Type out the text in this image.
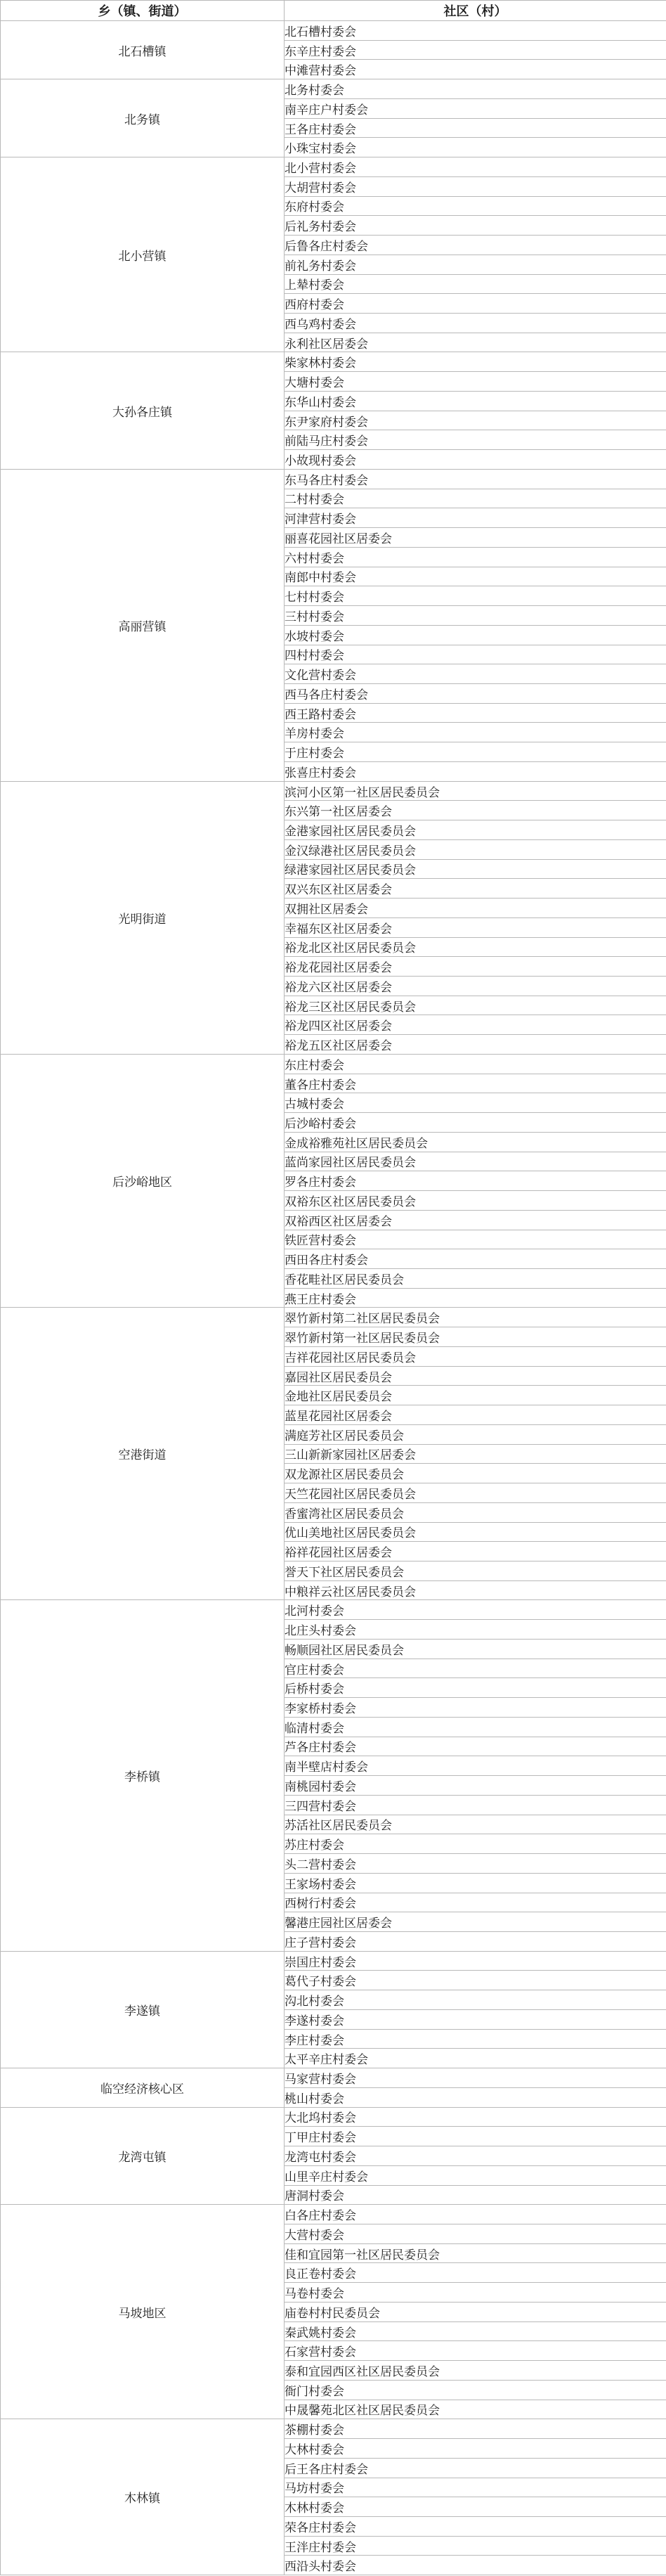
乡（镇、街道）	社区（村）
北石槽镇	北石槽村委会
	东辛庄村委会
	中滩营村委会
北务镇	北务村委会
	南辛庄户村委会
	王各庄村委会
	小珠宝村委会
北小营镇	北小营村委会
	大胡营村委会
	东府村委会
	后礼务村委会
	后鲁各庄村委会
	前礼务村委会
	上辇村委会
	西府村委会
	西乌鸡村委会
	永利社区居委会
大孙各庄镇	柴家林村委会
	大塘村委会
	东华山村委会
	东尹家府村委会
	前陆马庄村委会
	小故现村委会
高丽营镇	东马各庄村委会
	二村村委会
	河津营村委会
	丽喜花园社区居委会
	六村村委会
	南郎中村委会
	七村村委会
	三村村委会
	水坡村委会
	四村村委会
	文化营村委会
	西马各庄村委会
	西王路村委会
	羊房村委会
	于庄村委会
	张喜庄村委会
光明街道	滨河小区第一社区居民委员会
	东兴第一社区居委会
	金港家园社区居民委员会
	金汉绿港社区居民委员会
	绿港家园社区居民委员会
	双兴东区社区居委会
	双拥社区居委会
	幸福东区社区居委会
	裕龙北区社区居民委员会
	裕龙花园社区居委会
	裕龙六区社区居委会
	裕龙三区社区居民委员会
	裕龙四区社区居委会
	裕龙五区社区居委会
后沙峪地区	东庄村委会
	董各庄村委会
	古城村委会
	后沙峪村委会
	金成裕雅苑社区居民委员会
	蓝尚家园社区居民委员会
	罗各庄村委会
	双裕东区社区居民委员会
	双裕西区社区居委会
	铁匠营村委会
	西田各庄村委会
	香花畦社区居民委员会
	燕王庄村委会
空港街道	翠竹新村第二社区居民委员会
	翠竹新村第一社区居民委员会
	吉祥花园社区居民委员会
	嘉园社区居民委员会
	金地社区居民委员会
	蓝星花园社区居委会
	满庭芳社区居民委员会
	三山新新家园社区居委会
	双龙源社区居民委员会
	天竺花园社区居民委员会
	香蜜湾社区居民委员会
	优山美地社区居民委员会
	裕祥花园社区居委会
	誉天下社区居民委员会
	中粮祥云社区居民委员会
李桥镇	北河村委会
	北庄头村委会
	畅顺园社区居民委员会
	官庄村委会
	后桥村委会
	李家桥村委会
	临清村委会
	芦各庄村委会
	南半壁店村委会
	南桃园村委会
	三四营村委会
	苏活社区居民委员会
	苏庄村委会
	头二营村委会
	王家场村委会
	西树行村委会
	馨港庄园社区居委会
	庄子营村委会
李遂镇	崇国庄村委会
	葛代子村委会
	沟北村委会
	李遂村委会
	李庄村委会
	太平辛庄村委会
临空经济核心区	马家营村委会
	桃山村委会
龙湾屯镇	大北坞村委会
	丁甲庄村委会
	龙湾屯村委会
	山里辛庄村委会
	唐洞村委会
马坡地区	白各庄村委会
	大营村委会
	佳和宜园第一社区居民委员会
	良正卷村委会
	马卷村委会
	庙卷村村民委员会
	秦武姚村委会
	石家营村委会
	泰和宜园西区社区居民委员会
	衙门村委会
	中晟馨苑北区社区居民委员会
木林镇	茶棚村委会
	大林村委会
	后王各庄村委会
	马坊村委会
	木林村委会
	荣各庄村委会
	王泮庄村委会
	西沿头村委会
